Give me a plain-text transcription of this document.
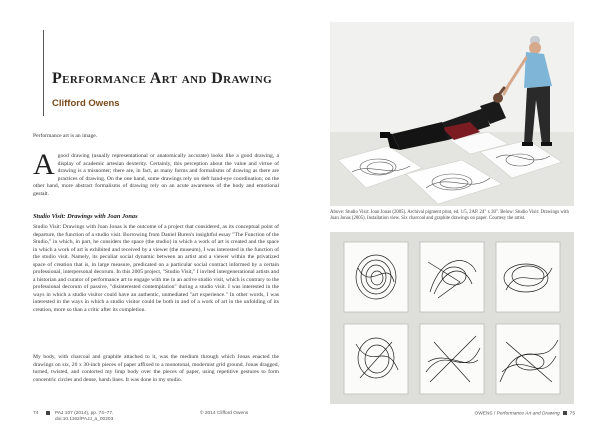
Performance Art and Drawing
Clifford Owens

Performance art is an image.

Agood drawing (usually representational or anatomically accurate) looks like a good drawing, a display of academic artesian dexterity. Certainly, this perception about the value and virtue of drawing is a misnomer; there are, in fact, as many forms and formalisms of drawing as there are practices of drawing. On the one hand, some drawings rely on deft hand-eye coordination; on the other hand, more abstract formalisms of drawing rely on an acute awareness of the body and emotional gestalt.

Studio Visit: Drawings with Joan Jonas

Studio Visit: Drawings with Joan Jonas is the outcome of a project that considered, as its conceptual point of departure, the function of a studio visit. Borrowing from Daniel Buren's insightful essay "The Function of the Studio," in which, in part, he considers the space (the studio) in which a work of art is created and the space in which a work of art is exhibited and received by a viewer (the museum), I was interested in the function of the studio visit. Namely, its peculiar social dynamic between an artist and a viewer within the privatized space of creation that is, in large measure, predicated on a particular social contract informed by a certain professional, interpersonal decorum. In this 2005 project, "Studio Visit," I invited intergenerational artists and a historian and curator of performance art to engage with me in an active studio visit, which is contrary to the professional decorum of passive, "disinterested contemplation" during a studio visit. I was interested in the ways in which a studio visitor could have an authentic, unmediated "art experience." In other words, I was interested in the ways in which a studio visitor could be both in and of a work of art in the unfolding of its creation, more so than a critic after its completion.

My body, with charcoal and graphite attached to it, was the medium through which Jonas enacted the drawings on six, 20 x 30-inch pieces of paper affixed to a monotonal, modernist grid ground. Jonas dragged, turned, twisted, and contorted my limp body over the pieces of paper, using repetitive gestures to form concentric circles and dense, harsh lines. It was done in my studio.

74	PAJ 107 (2014), pp. 74–77.
doi:10.1162/PAJJ_a_00203
© 2014 Clifford Owens

Above: Studio Visit: Joan Jonas (2005). Archival pigment print, ed. 1/5, 2AP. 24" x 30". Below: Studio Visit: Drawings with Joan Jonas (2005). Installation view. Six charcoal and graphite drawings on paper. Courtesy the artist.

OWENS / Performance Art and Drawing 75
